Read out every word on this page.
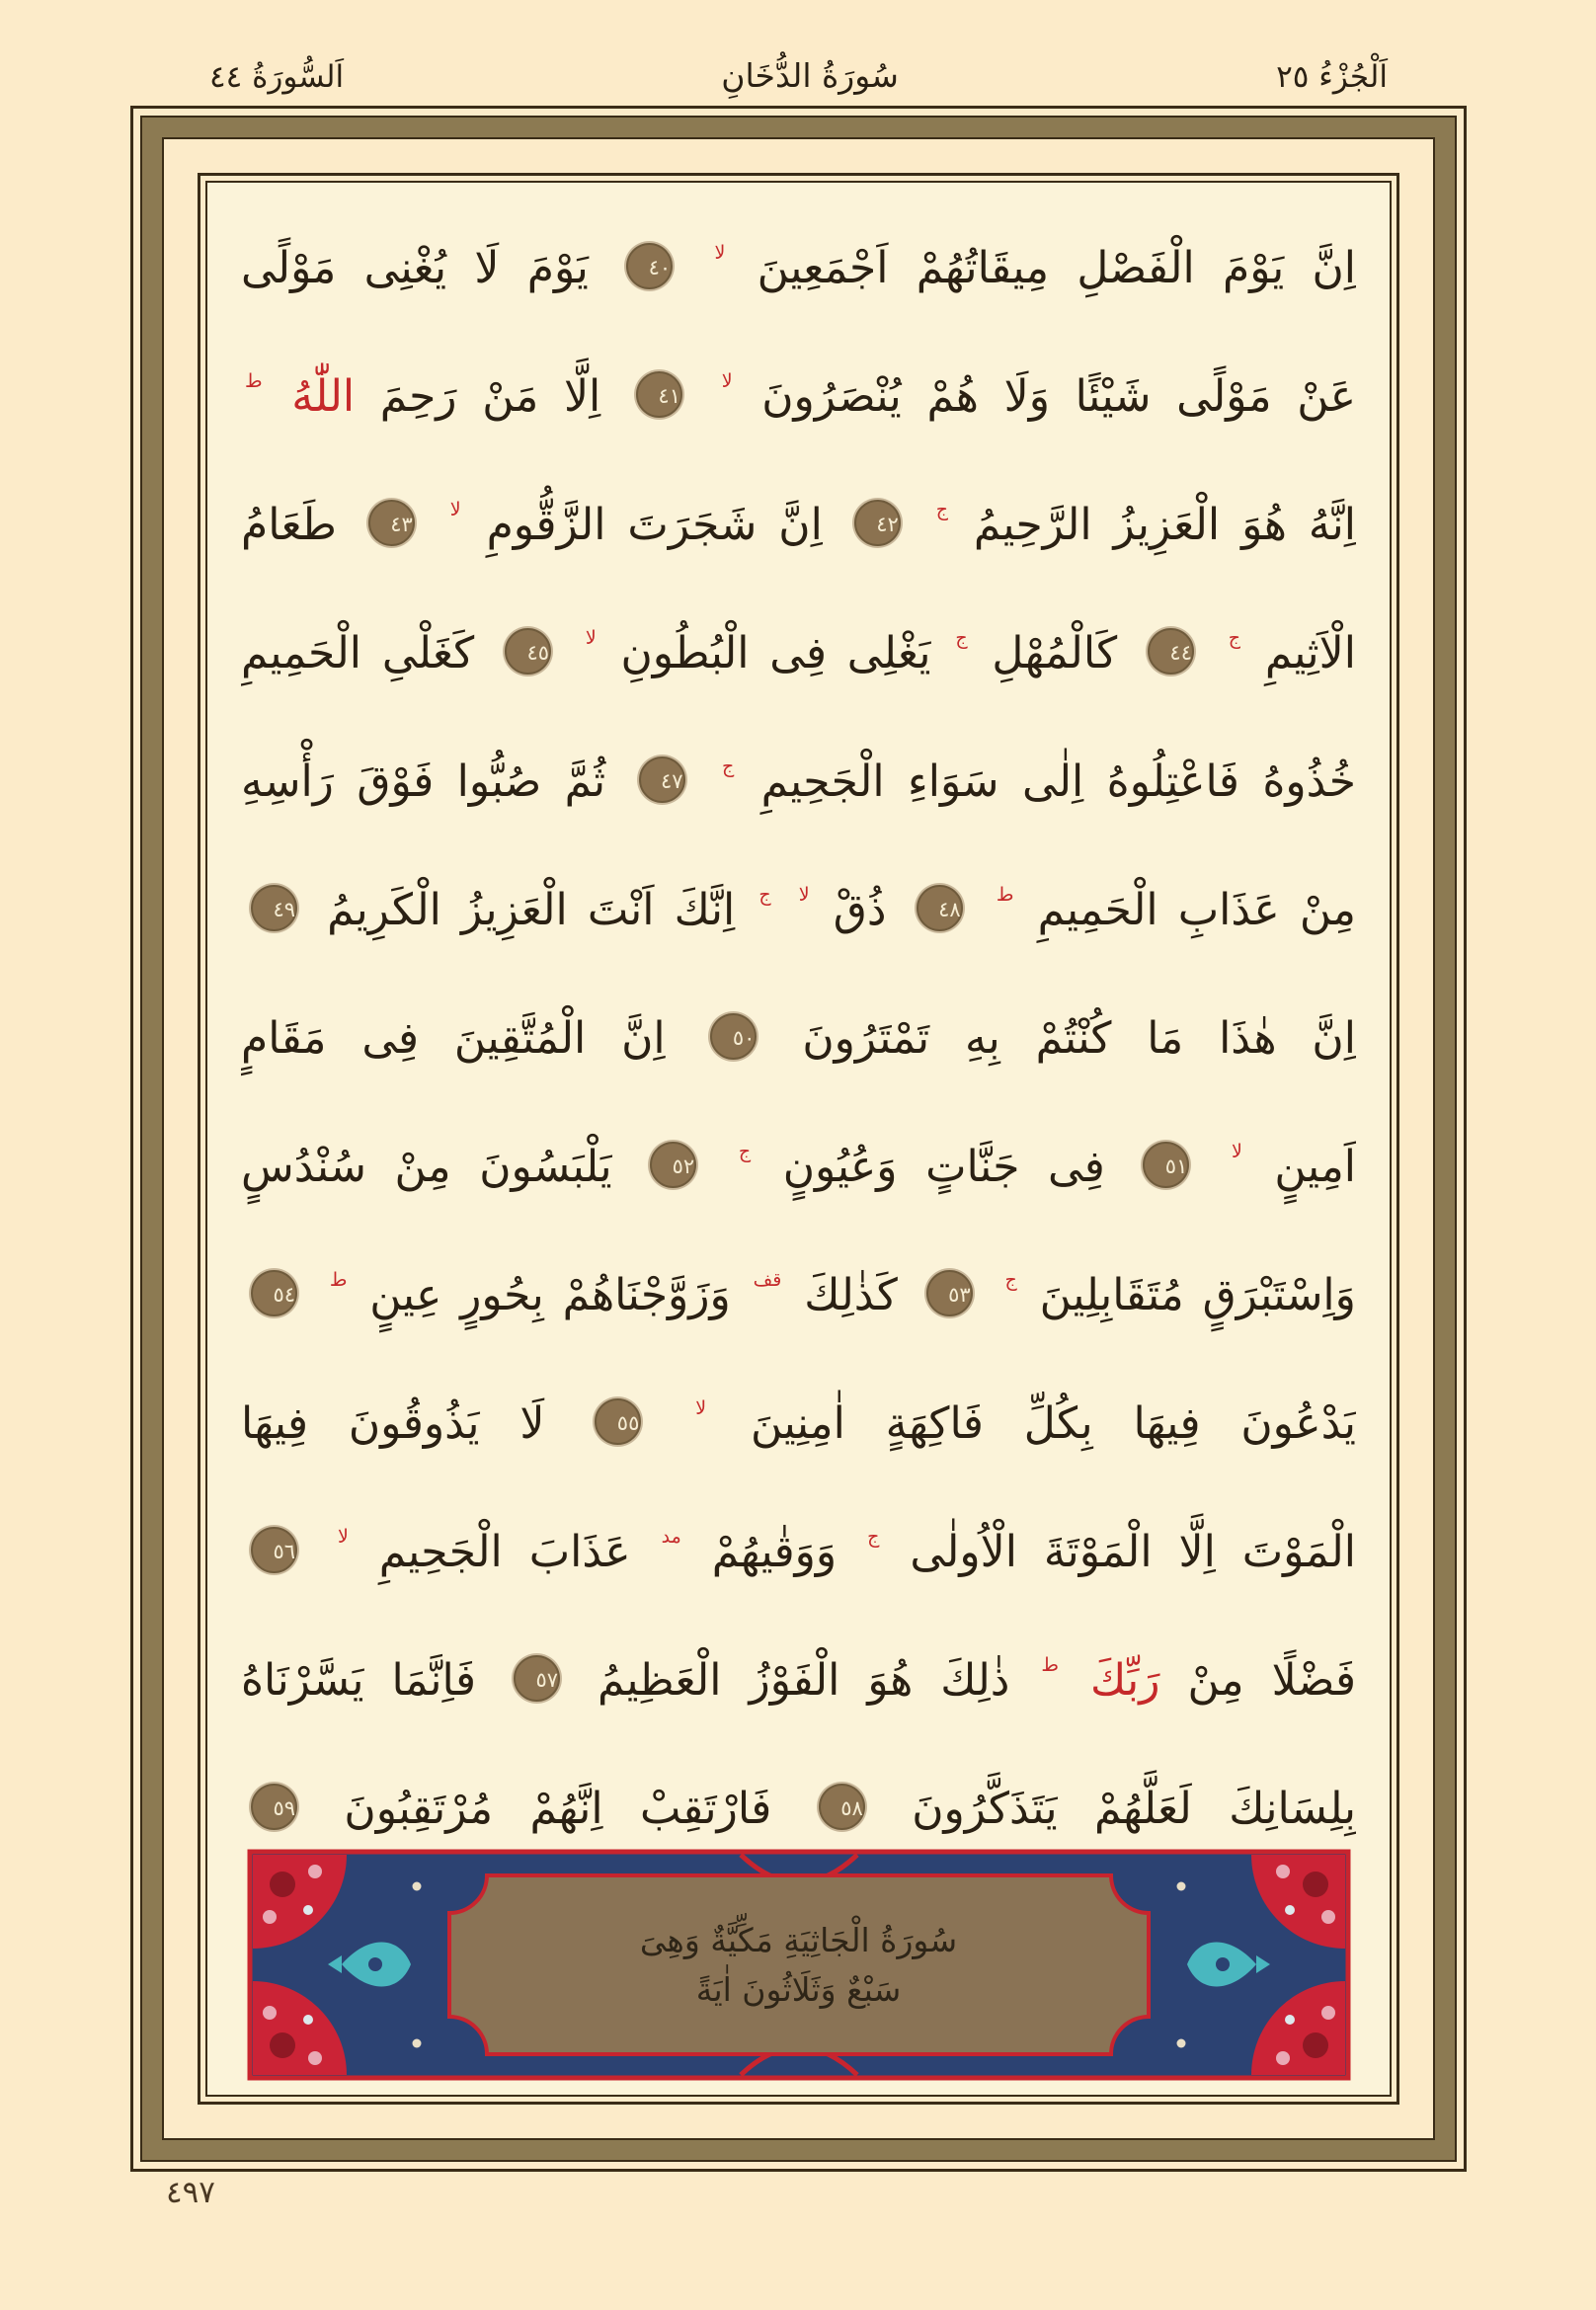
اَلْجُزْءُ ٢٥
سُورَةُ الدُّخَانِ
اَلسُّورَةُ ٤٤
اِنَّ يَوْمَ الْفَصْلِ مِيقَاتُهُمْ اَجْمَعِينَ $^{لا}$ ٤٠ يَوْمَ لَا يُغْنِى مَوْلًى
عَنْ مَوْلًى شَيْئًا وَلَا هُمْ يُنْصَرُونَ $^{لا}$ ٤١ اِلَّا مَنْ رَحِمَ اللّٰهُ $^ط$
اِنَّهُ هُوَ الْعَزِيزُ الرَّحِيمُ $^ج$ ٤٢ اِنَّ شَجَرَتَ الزَّقُّومِ $^{لا}$ ٤٣ طَعَامُ
الْاَثِيمِ $^ج$ ٤٤ كَالْمُهْلِ $^ج$ يَغْلِى فِى الْبُطُونِ $^{لا}$ ٤٥ كَغَلْىِ الْحَمِيمِ
خُذُوهُ فَاعْتِلُوهُ اِلٰى سَوَاءِ الْجَحِيمِ $^ج$ ٤٧ ثُمَّ صُبُّوا فَوْقَ رَأْسِهِ
مِنْ عَذَابِ الْحَمِيمِ $^ط$ ٤٨ ذُقْ $^{لا}$ $^ج$ اِنَّكَ اَنْتَ الْعَزِيزُ الْكَرِيمُ ٤٩
اِنَّ هٰذَا مَا كُنْتُمْ بِهِ تَمْتَرُونَ ٥٠ اِنَّ الْمُتَّقِينَ فِى مَقَامٍ
اَمِينٍ $^{لا}$ ٥١ فِى جَنَّاتٍ وَعُيُونٍ $^ج$ ٥٢ يَلْبَسُونَ مِنْ سُنْدُسٍ
وَاِسْتَبْرَقٍ مُتَقَابِلِينَ $^ج$ ٥٣ كَذٰلِكَ $^{قف}$ وَزَوَّجْنَاهُمْ بِحُورٍ عِينٍ $^ط$ ٥٤
يَدْعُونَ فِيهَا بِكُلِّ فَاكِهَةٍ اٰمِنِينَ $^{لا}$ ٥٥ لَا يَذُوقُونَ فِيهَا
الْمَوْتَ اِلَّا الْمَوْتَةَ الْاُولٰى $^ج$ وَوَقٰيهُمْ $^{مد}$ عَذَابَ الْجَحِيمِ $^{لا}$ ٥٦
فَضْلًا مِنْ رَبِّكَ $^ط$ ذٰلِكَ هُوَ الْفَوْزُ الْعَظِيمُ ٥٧ فَاِنَّمَا يَسَّرْنَاهُ
بِلِسَانِكَ لَعَلَّهُمْ يَتَذَكَّرُونَ ٥٨ فَارْتَقِبْ اِنَّهُمْ مُرْتَقِبُونَ ٥٩
سُورَةُ الْجَاثِيَةِ مَكِّيَّةٌ وَهِىَ
سَبْعٌ وَثَلَاثُونَ اٰيَةً
٤٩٧
